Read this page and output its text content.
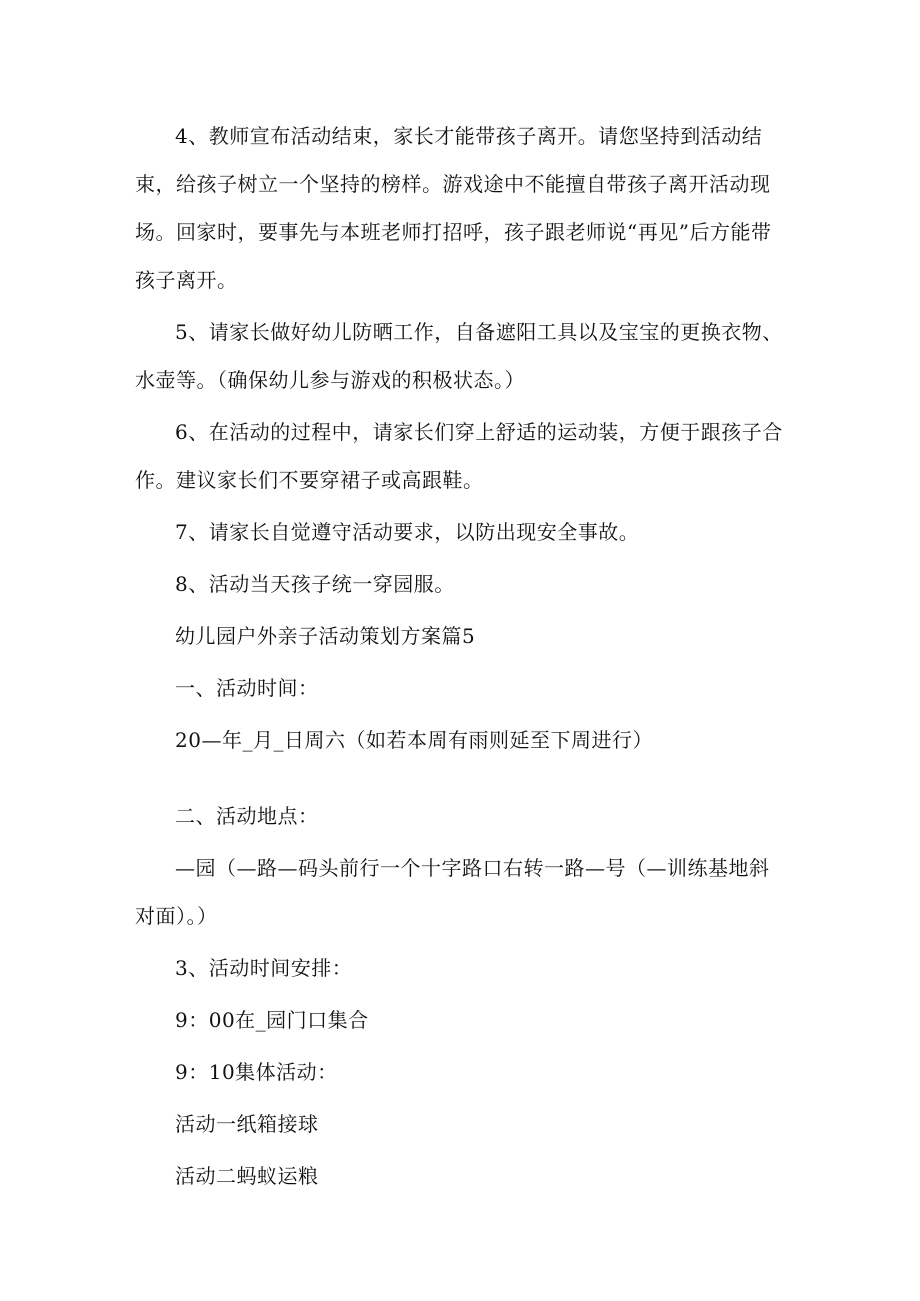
4、教师宣布活动结束，家长才能带孩子离开。请您坚持到活动结束，给孩子树立一个坚持的榜样。游戏途中不能擅自带孩子离开活动现场。回家时，要事先与本班老师打招呼，孩子跟老师说“再见”后方能带孩子离开。

5、请家长做好幼儿防晒工作，自备遮阳工具以及宝宝的更换衣物、水壶等。（确保幼儿参与游戏的积极状态。）

6、在活动的过程中，请家长们穿上舒适的运动装，方便于跟孩子合作。建议家长们不要穿裙子或高跟鞋。

7、请家长自觉遵守活动要求，以防出现安全事故。

8、活动当天孩子统一穿园服。

幼儿园户外亲子活动策划方案篇5

一、活动时间：

20—年_月_日周六（如若本周有雨则延至下周进行）

二、活动地点：

—园（—路—码头前行一个十字路口右转一路—号（—训练基地斜对面）。）

3、活动时间安排：

9：00在_园门口集合

9：10集体活动：

活动一纸箱接球

活动二蚂蚁运粮
